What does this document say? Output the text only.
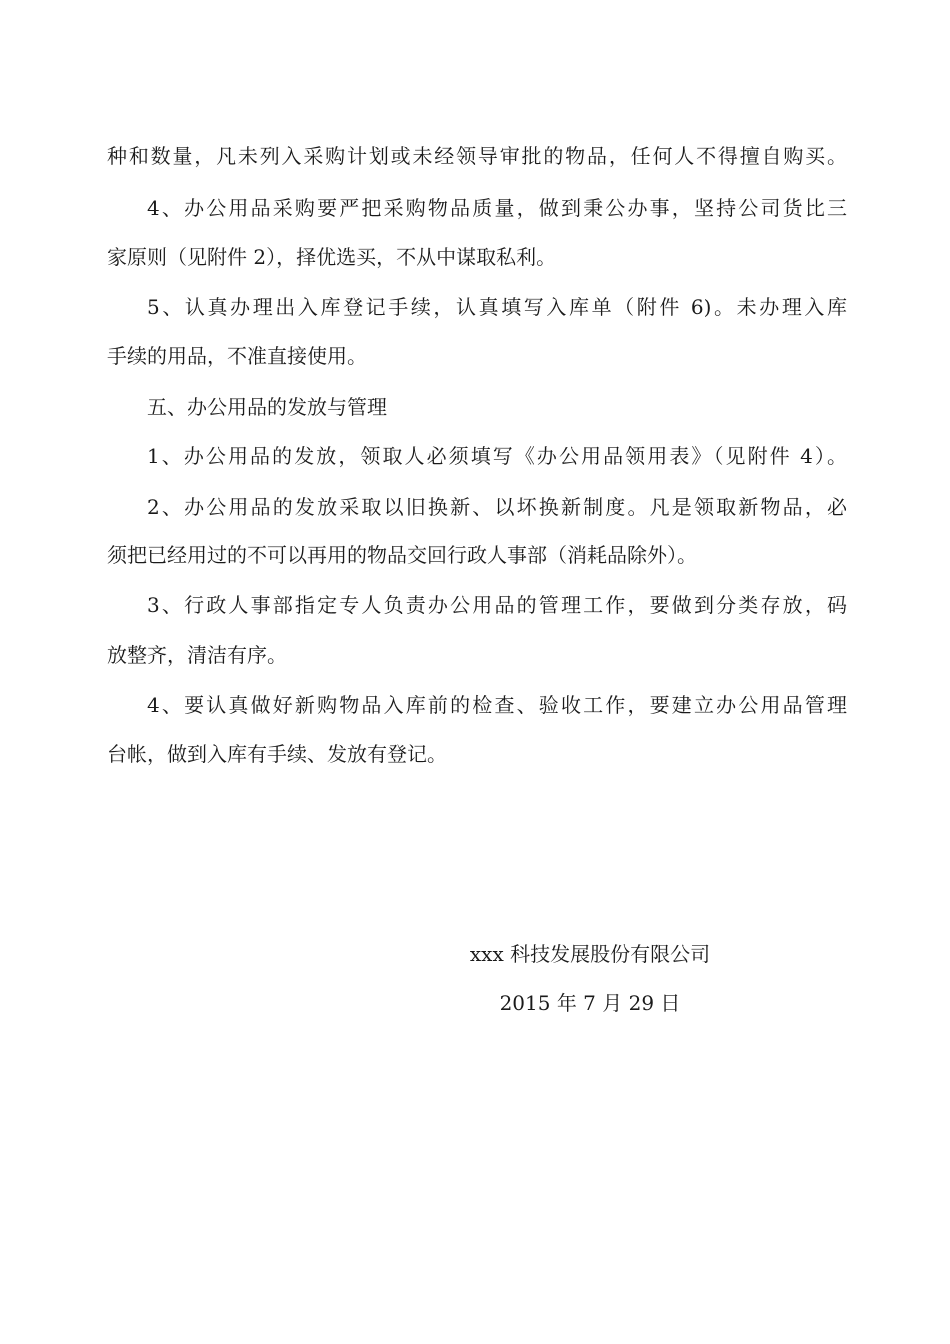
种和数量，凡未列入采购计划或未经领导审批的物品，任何人不得擅自购买。
4、办公用品采购要严把采购物品质量，做到秉公办事，坚持公司货比三
家原则（见附件 2），择优选买，不从中谋取私利。
5、认真办理出入库登记手续，认真填写入库单（附件 6)。未办理入库
手续的用品，不准直接使用。
五、办公用品的发放与管理
1、办公用品的发放，领取人必须填写《办公用品领用表》（见附件 4）。
2、办公用品的发放采取以旧换新、以坏换新制度。凡是领取新物品，必
须把已经用过的不可以再用的物品交回行政人事部（消耗品除外）。
3、行政人事部指定专人负责办公用品的管理工作，要做到分类存放，码
放整齐，清洁有序。
4、要认真做好新购物品入库前的检查、验收工作，要建立办公用品管理
台帐，做到入库有手续、发放有登记。
xxx 科技发展股份有限公司
2015 年 7 月 29 日
